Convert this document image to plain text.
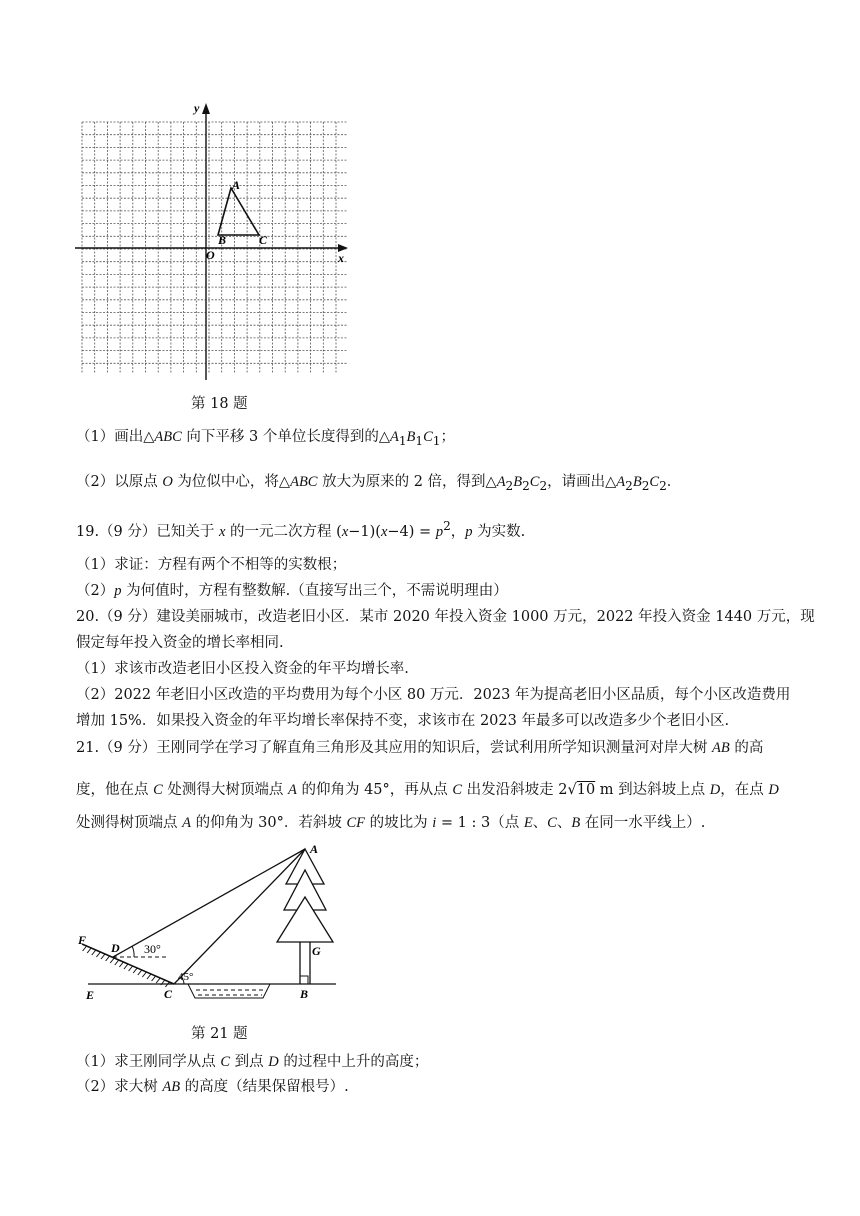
y
x
O
A
B	C
第 18 题
（1）画出△ABC 向下平移 3 个单位长度得到的$\triangle A_1B_1C_1$；
（2）以原点 O 为位似中心，将△ABC 放大为原来的 2 倍，得到$\triangle A_2B_2C_2$，请画出$\triangle A_2B_2C_2$．
19.（9 分）已知关于 x 的一元二次方程 $(x-1)(x-4) = p^2$，p 为实数.
（1）求证：方程有两个不相等的实数根；
（2）p 为何值时，方程有整数解.（直接写出三个，不需说明理由）
20.（9 分）建设美丽城市，改造老旧小区．某市 2020 年投入资金 1000 万元，2022 年投入资金 1440 万元，现
假定每年投入资金的增长率相同.
（1）求该市改造老旧小区投入资金的年平均增长率.
（2）2022 年老旧小区改造的平均费用为每个小区 80 万元．2023 年为提高老旧小区品质，每个小区改造费用
增加 15%．如果投入资金的年平均增长率保持不变，求该市在 2023 年最多可以改造多少个老旧小区.
21.（9 分）王刚同学在学习了解直角三角形及其应用的知识后，尝试利用所学知识测量河对岸大树 AB 的高
度，他在点 C 处测得大树顶端点 A 的仰角为 45°，再从点 C 出发沿斜坡走 2√10 m 到达斜坡上点 D，在点 D
处测得树顶端点 A 的仰角为 30°．若斜坡 CF 的坡比为 i = 1 : 3（点 E、C、B 在同一水平线上）.
A
F
D 30°	G
45°
E	C	B
第 21 题
（1）求王刚同学从点 C 到点 D 的过程中上升的高度；
（2）求大树 AB 的高度（结果保留根号）.
